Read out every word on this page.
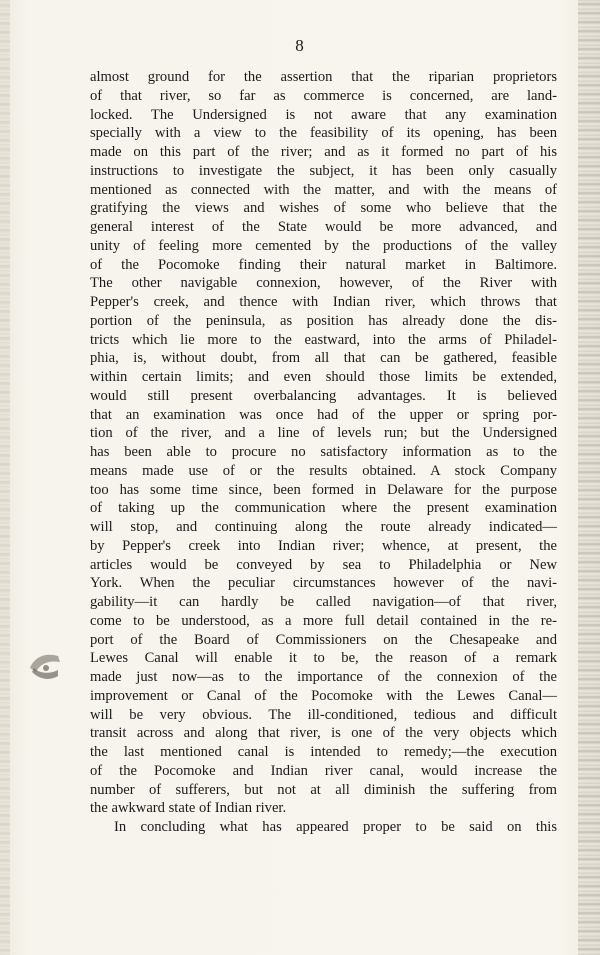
8
almost ground for the assertion that the riparian proprietors
of that river, so far as commerce is concerned, are land-
locked. The Undersigned is not aware that any examination
specially with a view to the feasibility of its opening, has been
made on this part of the river; and as it formed no part of his
instructions to investigate the subject, it has been only casually
mentioned as connected with the matter, and with the means of
gratifying the views and wishes of some who believe that the
general interest of the State would be more advanced, and
unity of feeling more cemented by the productions of the valley
of the Pocomoke finding their natural market in Baltimore.
The other navigable connexion, however, of the River with
Pepper's creek, and thence with Indian river, which throws that
portion of the peninsula, as position has already done the dis-
tricts which lie more to the eastward, into the arms of Philadel-
phia, is, without doubt, from all that can be gathered, feasible
within certain limits; and even should those limits be extended,
would still present overbalancing advantages. It is believed
that an examination was once had of the upper or spring por-
tion of the river, and a line of levels run; but the Undersigned
has been able to procure no satisfactory information as to the
means made use of or the results obtained. A stock Company
too has some time since, been formed in Delaware for the purpose
of taking up the communication where the present examination
will stop, and continuing along the route already indicated—
by Pepper's creek into Indian river; whence, at present, the
articles would be conveyed by sea to Philadelphia or New
York. When the peculiar circumstances however of the navi-
gability—it can hardly be called navigation—of that river,
come to be understood, as a more full detail contained in the re-
port of the Board of Commissioners on the Chesapeake and
Lewes Canal will enable it to be, the reason of a remark
made just now—as to the importance of the connexion of the
improvement or Canal of the Pocomoke with the Lewes Canal—
will be very obvious. The ill-conditioned, tedious and difficult
transit across and along that river, is one of the very objects which
the last mentioned canal is intended to remedy;—the execution
of the Pocomoke and Indian river canal, would increase the
number of sufferers, but not at all diminish the suffering from
the awkward state of Indian river.
In concluding what has appeared proper to be said on this
